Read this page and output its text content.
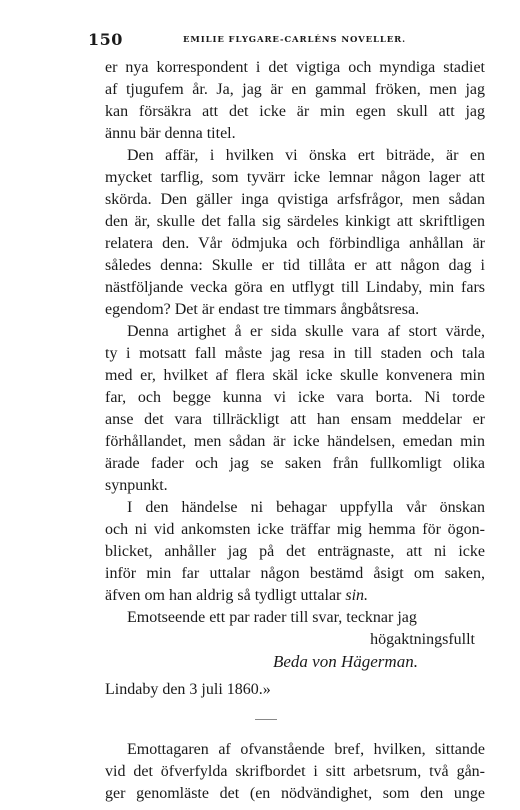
150	EMILIE FLYGARE-CARLÉNS NOVELLER.
er nya korrespondent i det vigtiga och myndiga stadiet
af tjugufem år. Ja, jag är en gammal fröken, men jag
kan försäkra att det icke är min egen skull att jag
ännu bär denna titel.
Den affär, i hvilken vi önska ert biträde, är en
mycket tarflig, som tyvärr icke lemnar någon lager att
skörda. Den gäller inga qvistiga arfsfrågor, men sådan
den är, skulle det falla sig särdeles kinkigt att skriftligen
relatera den. Vår ödmjuka och förbindliga anhållan är
således denna: Skulle er tid tillåta er att någon dag i
nästföljande vecka göra en utflygt till Lindaby, min fars
egendom? Det är endast tre timmars ångbåtsresa.
Denna artighet å er sida skulle vara af stort värde,
ty i motsatt fall måste jag resa in till staden och tala
med er, hvilket af flera skäl icke skulle konvenera min
far, och begge kunna vi icke vara borta. Ni torde
anse det vara tillräckligt att han ensam meddelar er
förhållandet, men sådan är icke händelsen, emedan min
ärade fader och jag se saken från fullkomligt olika
synpunkt.
I den händelse ni behagar uppfylla vår önskan
och ni vid ankomsten icke träffar mig hemma för ögon-
blicket, anhåller jag på det enträgnaste, att ni icke
inför min far uttalar någon bestämd åsigt om saken,
äfven om han aldrig så tydligt uttalar sin.
Emotseende ett par rader till svar, tecknar jag
högaktningsfullt
Beda von Hägerman.
Lindaby den 3 juli 1860.»
Emottagaren af ofvanstående bref, hvilken, sittande
vid det öfverfylda skrifbordet i sitt arbetsrum, två gån-
ger genomläste det (en nödvändighet, som den unge
